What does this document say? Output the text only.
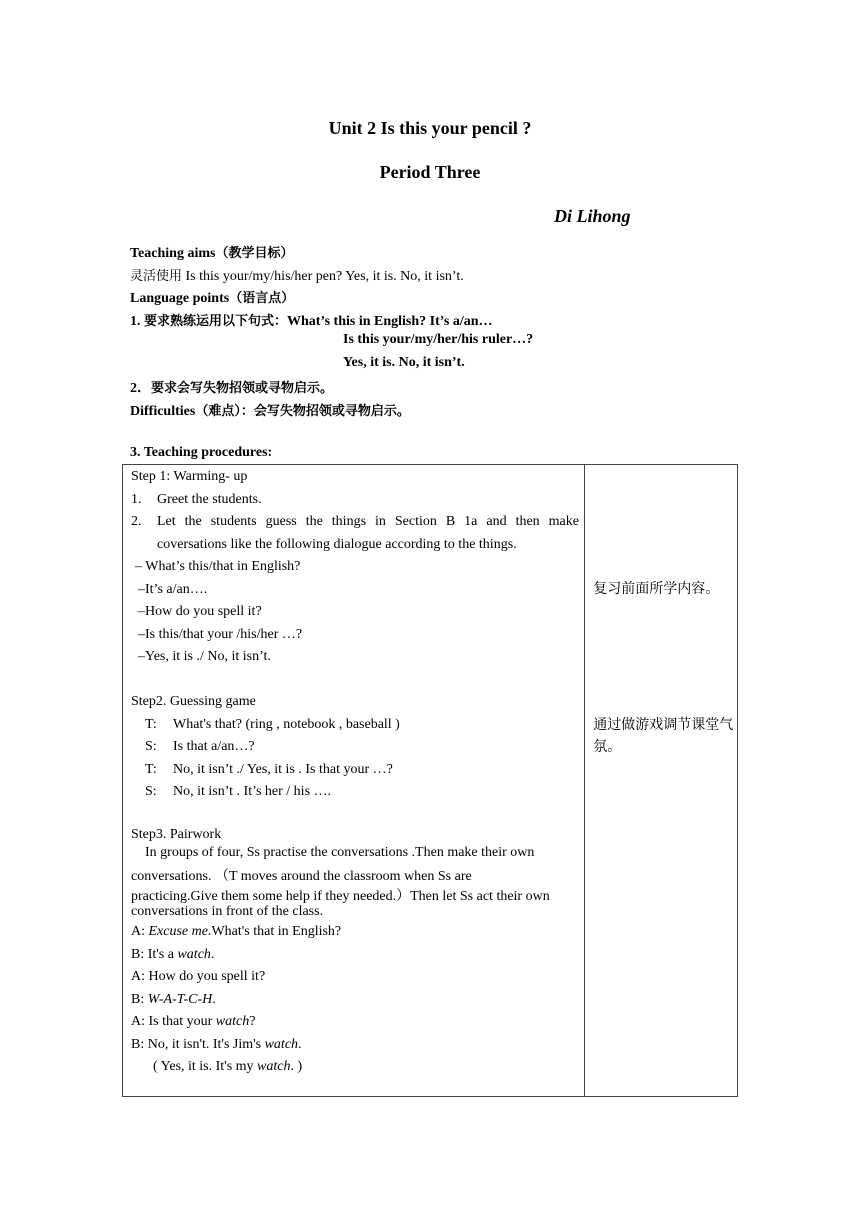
Unit 2 Is this your pencil ?
Period Three
Di Lihong
Teaching aims（教学目标）
灵活使用 Is this your/my/his/her pen? Yes, it is. No, it isn’t.
Language points（语言点）
1. 要求熟练运用以下句式：What’s this in English? It’s a/an…
Is this your/my/her/his ruler…?
Yes, it is. No, it isn’t.
2．要求会写失物招领或寻物启示。
Difficulties（难点）：会写失物招领或寻物启示。
3. Teaching procedures:
Step 1: Warming- up
1. Greet the students.
2. Let the students guess the things in Section B 1a and then make
coversations like the following dialogue according to the things.
– What’s this/that in English?
–It’s a/an….
–How do you spell it?
–Is this/that your /his/her …?
–Yes, it is ./ No, it isn’t.
Step2. Guessing game
T: What's that? (ring , notebook , baseball )
S: Is that a/an…?
T: No, it isn’t ./ Yes, it is . Is that your …?
S: No, it isn’t . It’s her / his ….
Step3. Pairwork
In groups of four, Ss practise the conversations .Then make their own
conversations. （T moves around the classroom when Ss are
practicing.Give them some help if they needed.）Then let Ss act their own
conversations in front of the class.
A: Excuse me.What's that in English?
B: It's a watch.
A: How do you spell it?
B: W-A-T-C-H.
A: Is that your watch?
B: No, it isn't. It's Jim's watch.
( Yes, it is. It's my watch. )

复习前面所学内容。
通过做游戏调节课堂气氛。
